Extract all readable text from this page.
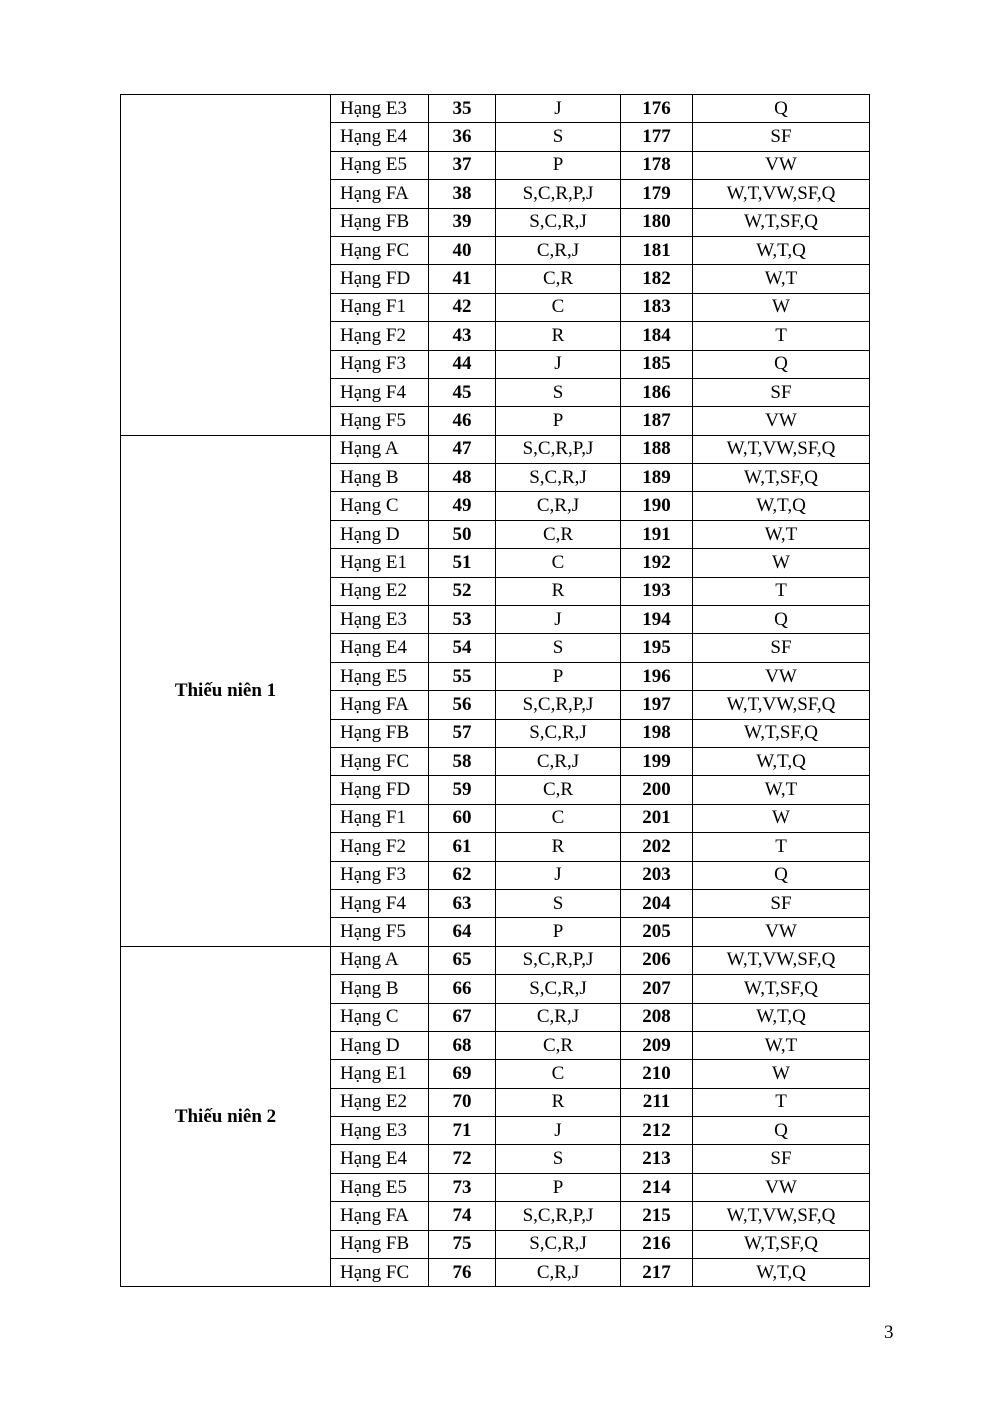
	Hạng E3	35	J	176	Q
	Hạng E4	36	S	177	SF
	Hạng E5	37	P	178	VW
	Hạng FA	38	S,C,R,P,J	179	W,T,VW,SF,Q
	Hạng FB	39	S,C,R,J	180	W,T,SF,Q
	Hạng FC	40	C,R,J	181	W,T,Q
	Hạng FD	41	C,R	182	W,T
	Hạng F1	42	C	183	W
	Hạng F2	43	R	184	T
	Hạng F3	44	J	185	Q
	Hạng F4	45	S	186	SF
	Hạng F5	46	P	187	VW
Thiếu niên 1	Hạng A	47	S,C,R,P,J	188	W,T,VW,SF,Q
	Hạng B	48	S,C,R,J	189	W,T,SF,Q
	Hạng C	49	C,R,J	190	W,T,Q
	Hạng D	50	C,R	191	W,T
	Hạng E1	51	C	192	W
	Hạng E2	52	R	193	T
	Hạng E3	53	J	194	Q
	Hạng E4	54	S	195	SF
	Hạng E5	55	P	196	VW
	Hạng FA	56	S,C,R,P,J	197	W,T,VW,SF,Q
	Hạng FB	57	S,C,R,J	198	W,T,SF,Q
	Hạng FC	58	C,R,J	199	W,T,Q
	Hạng FD	59	C,R	200	W,T
	Hạng F1	60	C	201	W
	Hạng F2	61	R	202	T
	Hạng F3	62	J	203	Q
	Hạng F4	63	S	204	SF
	Hạng F5	64	P	205	VW
Thiếu niên 2	Hạng A	65	S,C,R,P,J	206	W,T,VW,SF,Q
	Hạng B	66	S,C,R,J	207	W,T,SF,Q
	Hạng C	67	C,R,J	208	W,T,Q
	Hạng D	68	C,R	209	W,T
	Hạng E1	69	C	210	W
	Hạng E2	70	R	211	T
	Hạng E3	71	J	212	Q
	Hạng E4	72	S	213	SF
	Hạng E5	73	P	214	VW
	Hạng FA	74	S,C,R,P,J	215	W,T,VW,SF,Q
	Hạng FB	75	S,C,R,J	216	W,T,SF,Q
	Hạng FC	76	C,R,J	217	W,T,Q
3
